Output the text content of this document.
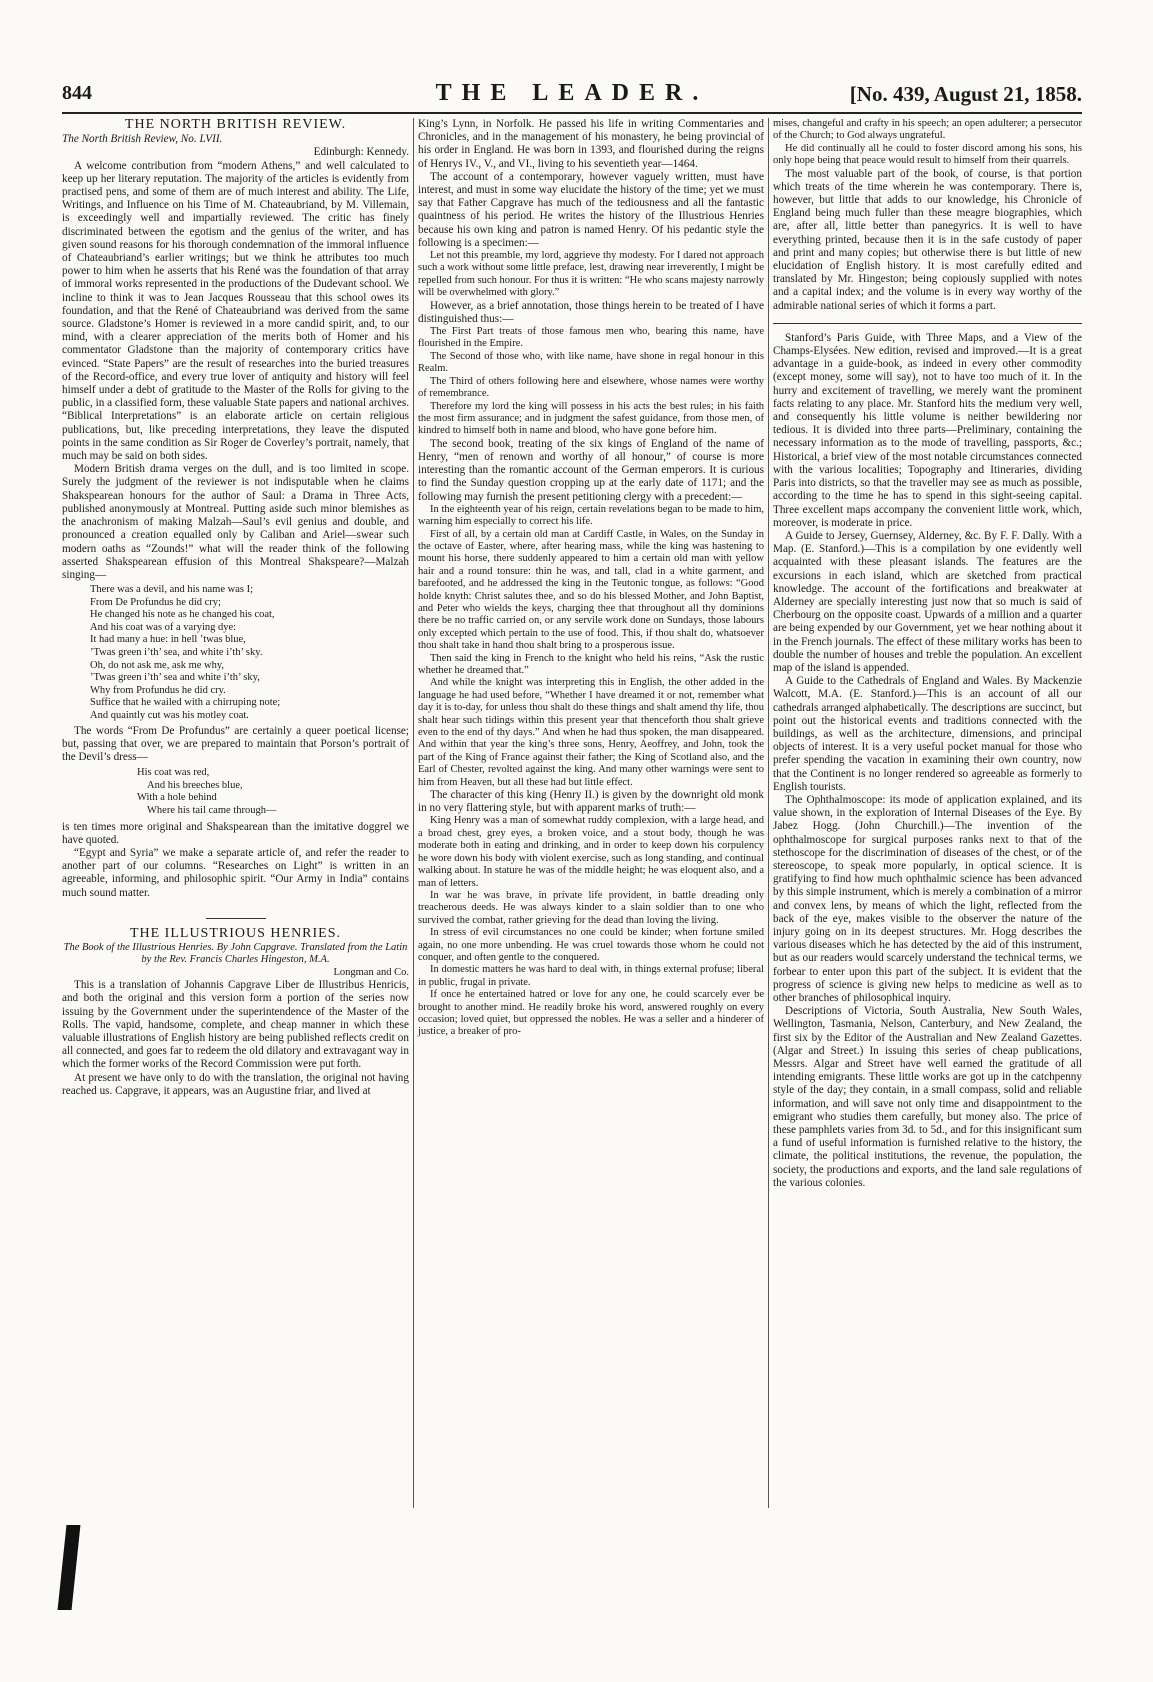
844	THE LEADER.	[No. 439, August 21, 1858.
THE NORTH BRITISH REVIEW.
The North British Review, No. LVII.
Edinburgh: Kennedy.

A welcome contribution from “modern Athens,” and well calculated to keep up her literary reputation. The majority of the articles is evidently from practised pens, and some of them are of much interest and ability. The Life, Writings, and Influence on his Time of M. Chateaubriand, by M. Villemain, is exceedingly well and impartially reviewed. The critic has finely discriminated between the egotism and the genius of the writer, and has given sound reasons for his thorough condemnation of the immoral influence of Chateaubriand’s earlier writings; but we think he attributes too much power to him when he asserts that his René was the foundation of that array of immoral works represented in the productions of the Dudevant school. We incline to think it was to Jean Jacques Rousseau that this school owes its foundation, and that the René of Chateaubriand was derived from the same source. Gladstone’s Homer is reviewed in a more candid spirit, and, to our mind, with a clearer appreciation of the merits both of Homer and his commentator Gladstone than the majority of contemporary critics have evinced. “State Papers” are the result of researches into the buried treasures of the Record-office, and every true lover of antiquity and history will feel himself under a debt of gratitude to the Master of the Rolls for giving to the public, in a classified form, these valuable State papers and national archives. “Biblical Interpretations” is an elaborate article on certain religious publications, but, like preceding interpretations, they leave the disputed points in the same condition as Sir Roger de Coverley’s portrait, namely, that much may be said on both sides.

Modern British drama verges on the dull, and is too limited in scope. Surely the judgment of the reviewer is not indisputable when he claims Shakspearean honours for the author of Saul: a Drama in Three Acts, published anonymously at Montreal. Putting aside such minor blemishes as the anachronism of making Malzah—Saul’s evil genius and double, and pronounced a creation equalled only by Caliban and Ariel—swear such modern oaths as “Zounds!” what will the reader think of the following asserted Shakspearean effusion of this Montreal Shakspeare?—Malzah singing—

There was a devil, and his name was I;
From De Profundus he did cry;
He changed his note as he changed his coat,
And his coat was of a varying dye:
It had many a hue: in hell ’twas blue,
’Twas green i’th’ sea, and white i’th’ sky.
Oh, do not ask me, ask me why,
’Twas green i’th’ sea and white i’th’ sky,
Why from Profundus he did cry.
Suffice that he wailed with a chirruping note;
And quaintly cut was his motley coat.

The words “From De Profundus” are certainly a queer poetical license; but, passing that over, we are prepared to maintain that Porson’s portrait of the Devil’s dress—

His coat was red,
And his breeches blue,
With a hole behind
Where his tail came through—

is ten times more original and Shakspearean than the imitative doggrel we have quoted.

“Egypt and Syria” we make a separate article of, and refer the reader to another part of our columns. “Researches on Light” is written in an agreeable, informing, and philosophic spirit. “Our Army in India” contains much sound matter.

THE ILLUSTRIOUS HENRIES.
The Book of the Illustrious Henries. By John Capgrave. Translated from the Latin by the Rev. Francis Charles Hingeston, M.A.
Longman and Co.

This is a translation of Johannis Capgrave Liber de Illustribus Henricis, and both the original and this version form a portion of the series now issuing by the Government under the superintendence of the Master of the Rolls. The vapid, handsome, complete, and cheap manner in which these valuable illustrations of English history are being published reflects credit on all connected, and goes far to redeem the old dilatory and extravagant way in which the former works of the Record Commission were put forth.

At present we have only to do with the translation, the original not having reached us. Capgrave, it appears, was an Augustine friar, and lived at

King’s Lynn, in Norfolk. He passed his life in writing Commentaries and Chronicles, and in the management of his monastery, he being provincial of his order in England. He was born in 1393, and flourished during the reigns of Henrys IV., V., and VI., living to his seventieth year—1464.

The account of a contemporary, however vaguely written, must have interest, and must in some way elucidate the history of the time; yet we must say that Father Capgrave has much of the tediousness and all the fantastic quaintness of his period. He writes the history of the Illustrious Henries because his own king and patron is named Henry. Of his pedantic style the following is a specimen:—

Let not this preamble, my lord, aggrieve thy modesty. For I dared not approach such a work without some little preface, lest, drawing near irreverently, I might be repelled from such honour. For thus it is written: “He who scans majesty narrowly will be overwhelmed with glory.”

However, as a brief annotation, those things herein to be treated of I have distinguished thus:—

The First Part treats of those famous men who, bearing this name, have flourished in the Empire.

The Second of those who, with like name, have shone in regal honour in this Realm.

The Third of others following here and elsewhere, whose names were worthy of remembrance.

Therefore my lord the king will possess in his acts the best rules; in his faith the most firm assurance; and in judgment the safest guidance, from those men, of kindred to himself both in name and blood, who have gone before him.

The second book, treating of the six kings of England of the name of Henry, “men of renown and worthy of all honour,” of course is more interesting than the romantic account of the German emperors. It is curious to find the Sunday question cropping up at the early date of 1171; and the following may furnish the present petitioning clergy with a precedent:—

In the eighteenth year of his reign, certain revelations began to be made to him, warning him especially to correct his life.

First of all, by a certain old man at Cardiff Castle, in Wales, on the Sunday in the octave of Easter, where, after hearing mass, while the king was hastening to mount his horse, there suddenly appeared to him a certain old man with yellow hair and a round tonsure: thin he was, and tall, clad in a white garment, and barefooted, and he addressed the king in the Teutonic tongue, as follows: “Good holde knyth: Christ salutes thee, and so do his blessed Mother, and John Baptist, and Peter who wields the keys, charging thee that throughout all thy dominions there be no traffic carried on, or any servile work done on Sundays, those labours only excepted which pertain to the use of food. This, if thou shalt do, whatsoever thou shalt take in hand thou shalt bring to a prosperous issue.

Then said the king in French to the knight who held his reins, “Ask the rustic whether he dreamed that.”

And while the knight was interpreting this in English, the other added in the language he had used before, “Whether I have dreamed it or not, remember what day it is to-day, for unless thou shalt do these things and shalt amend thy life, thou shalt hear such tidings within this present year that thenceforth thou shalt grieve even to the end of thy days.” And when he had thus spoken, the man disappeared. And within that year the king’s three sons, Henry, Aeoffrey, and John, took the part of the King of France against their father; the King of Scotland also, and the Earl of Chester, revolted against the king. And many other warnings were sent to him from Heaven, but all these had but little effect.

The character of this king (Henry II.) is given by the downright old monk in no very flattering style, but with apparent marks of truth:—

King Henry was a man of somewhat ruddy complexion, with a large head, and a broad chest, grey eyes, a broken voice, and a stout body, though he was moderate both in eating and drinking, and in order to keep down his corpulency he wore down his body with violent exercise, such as long standing, and continual walking about. In stature he was of the middle height; he was eloquent also, and a man of letters.

In war he was brave, in private life provident, in battle dreading only treacherous deeds. He was always kinder to a slain soldier than to one who survived the combat, rather grieving for the dead than loving the living.

In stress of evil circumstances no one could be kinder; when fortune smiled again, no one more unbending. He was cruel towards those whom he could not conquer, and often gentle to the conquered.

In domestic matters he was hard to deal with, in things external profuse; liberal in public, frugal in private.

If once he entertained hatred or love for any one, he could scarcely ever be brought to another mind. He readily broke his word, answered roughly on every occasion; loved quiet, but oppressed the nobles. He was a seller and a hinderer of justice, a breaker of pro-

mises, changeful and crafty in his speech; an open adulterer; a persecutor of the Church; to God always ungrateful.

He did continually all he could to foster discord among his sons, his only hope being that peace would result to himself from their quarrels.

The most valuable part of the book, of course, is that portion which treats of the time wherein he was contemporary. There is, however, but little that adds to our knowledge, his Chronicle of England being much fuller than these meagre biographies, which are, after all, little better than panegyrics. It is well to have everything printed, because then it is in the safe custody of paper and print and many copies; but otherwise there is but little of new elucidation of English history. It is most carefully edited and translated by Mr. Hingeston; being copiously supplied with notes and a capital index; and the volume is in every way worthy of the admirable national series of which it forms a part.

Stanford’s Paris Guide, with Three Maps, and a View of the Champs-Elysées. New edition, revised and improved.—It is a great advantage in a guide-book, as indeed in every other commodity (except money, some will say), not to have too much of it. In the hurry and excitement of travelling, we merely want the prominent facts relating to any place. Mr. Stanford hits the medium very well, and consequently his little volume is neither bewildering nor tedious. It is divided into three parts—Preliminary, containing the necessary information as to the mode of travelling, passports, &c.; Historical, a brief view of the most notable circumstances connected with the various localities; Topography and Itineraries, dividing Paris into districts, so that the traveller may see as much as possible, according to the time he has to spend in this sight-seeing capital. Three excellent maps accompany the convenient little work, which, moreover, is moderate in price.

A Guide to Jersey, Guernsey, Alderney, &c. By F. F. Dally. With a Map. (E. Stanford.)—This is a compilation by one evidently well acquainted with these pleasant islands. The features are the excursions in each island, which are sketched from practical knowledge. The account of the fortifications and breakwater at Alderney are specially interesting just now that so much is said of Cherbourg on the opposite coast. Upwards of a million and a quarter are being expended by our Government, yet we hear nothing about it in the French journals. The effect of these military works has been to double the number of houses and treble the population. An excellent map of the island is appended.

A Guide to the Cathedrals of England and Wales. By Mackenzie Walcott, M.A. (E. Stanford.)—This is an account of all our cathedrals arranged alphabetically. The descriptions are succinct, but point out the historical events and traditions connected with the buildings, as well as the architecture, dimensions, and principal objects of interest. It is a very useful pocket manual for those who prefer spending the vacation in examining their own country, now that the Continent is no longer rendered so agreeable as formerly to English tourists.

The Ophthalmoscope: its mode of application explained, and its value shown, in the exploration of Internal Diseases of the Eye. By Jabez Hogg. (John Churchill.)—The invention of the ophthalmoscope for surgical purposes ranks next to that of the stethoscope for the discrimination of diseases of the chest, or of the stereoscope, to speak more popularly, in optical science. It is gratifying to find how much ophthalmic science has been advanced by this simple instrument, which is merely a combination of a mirror and convex lens, by means of which the light, reflected from the back of the eye, makes visible to the observer the nature of the injury going on in its deepest structures. Mr. Hogg describes the various diseases which he has detected by the aid of this instrument, but as our readers would scarcely understand the technical terms, we forbear to enter upon this part of the subject. It is evident that the progress of science is giving new helps to medicine as well as to other branches of philosophical inquiry.

Descriptions of Victoria, South Australia, New South Wales, Wellington, Tasmania, Nelson, Canterbury, and New Zealand, the first six by the Editor of the Australian and New Zealand Gazettes. (Algar and Street.) In issuing this series of cheap publications, Messrs. Algar and Street have well earned the gratitude of all intending emigrants. These little works are got up in the catchpenny style of the day; they contain, in a small compass, solid and reliable information, and will save not only time and disappointment to the emigrant who studies them carefully, but money also. The price of these pamphlets varies from 3d. to 5d., and for this insignificant sum a fund of useful information is furnished relative to the history, the climate, the political institutions, the revenue, the population, the society, the productions and exports, and the land sale regulations of the various colonies.
